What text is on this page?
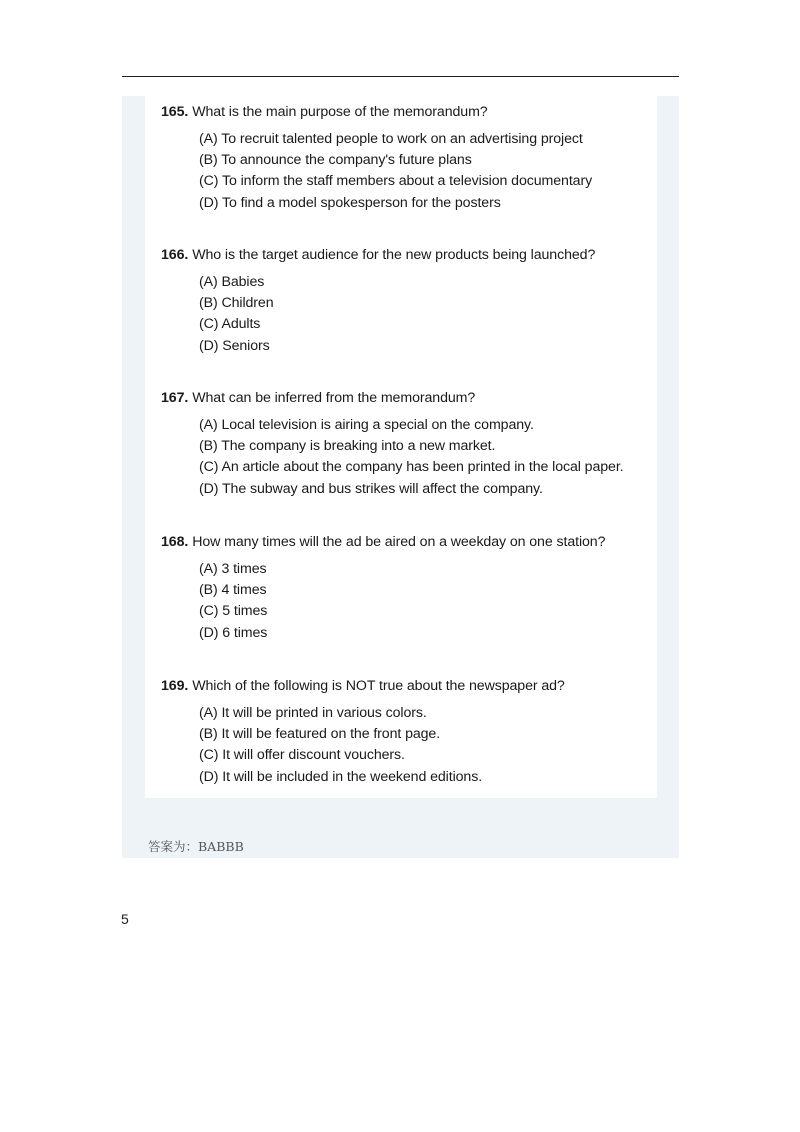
165. What is the main purpose of the memorandum?
(A) To recruit talented people to work on an advertising project
(B) To announce the company's future plans
(C) To inform the staff members about a television documentary
(D) To find a model spokesperson for the posters
166. Who is the target audience for the new products being launched?
(A) Babies
(B) Children
(C) Adults
(D) Seniors
167. What can be inferred from the memorandum?
(A) Local television is airing a special on the company.
(B) The company is breaking into a new market.
(C) An article about the company has been printed in the local paper.
(D) The subway and bus strikes will affect the company.
168. How many times will the ad be aired on a weekday on one station?
(A) 3 times
(B) 4 times
(C) 5 times
(D) 6 times
169. Which of the following is NOT true about the newspaper ad?
(A) It will be printed in various colors.
(B) It will be featured on the front page.
(C) It will offer discount vouchers.
(D) It will be included in the weekend editions.
答案为：BABBB
5
